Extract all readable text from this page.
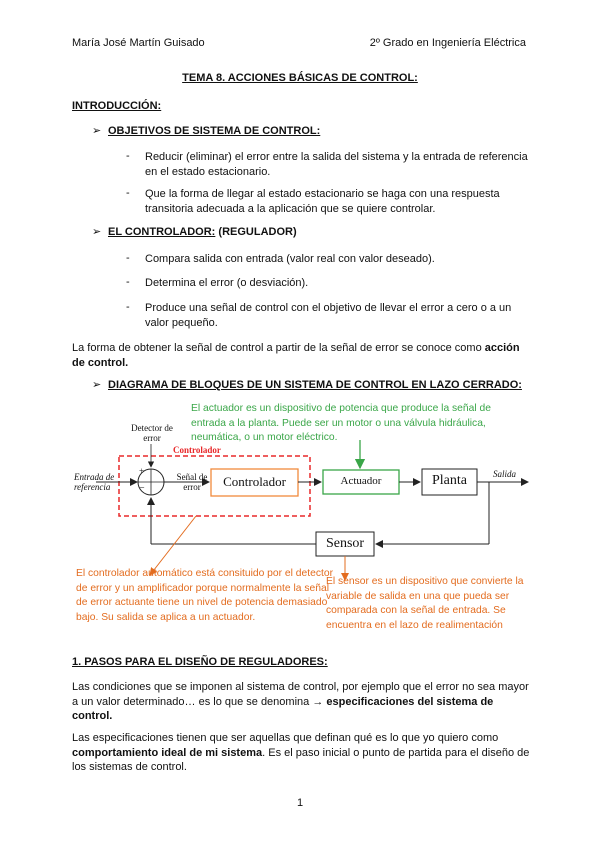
María José Martín Guisado	2º Grado en Ingeniería Eléctrica
TEMA 8. ACCIONES BÁSICAS DE CONTROL:
INTRODUCCIÓN:
➢ OBJETIVOS DE SISTEMA DE CONTROL:
- Reducir (eliminar) el error entre la salida del sistema y la entrada de referencia en el estado estacionario.
- Que la forma de llegar al estado estacionario se haga con una respuesta transitoria adecuada a la aplicación que se quiere controlar.
➢ EL CONTROLADOR: (REGULADOR)
- Compara salida con entrada (valor real con valor deseado).
- Determina el error (o desviación).
- Produce una señal de control con el objetivo de llevar el error a cero o a un valor pequeño.
La forma de obtener la señal de control a partir de la señal de error se conoce como acción de control.
➢ DIAGRAMA DE BLOQUES DE UN SISTEMA DE CONTROL EN LAZO CERRADO:
Detector de error
Controlador
Entrada de referencia
Señal de error	Controlador	Actuador	Planta	Salida
Sensor
+
−
El actuador es un dispositivo de potencia que produce la señal de entrada a la planta. Puede ser un motor o una válvula hidráulica, neumática, o un motor eléctrico.
El controlador automático está consituido por el detector de error y un amplificador porque normalmente la señal de error actuante tiene un nivel de potencia demasiado bajo. Su salida se aplica a un actuador.
El sensor es un dispositivo que convierte la variable de salida en una que pueda ser comparada con la señal de entrada. Se encuentra en el lazo de realimentación
1. PASOS PARA EL DISEÑO DE REGULADORES:
Las condiciones que se imponen al sistema de control, por ejemplo que el error no sea mayor a un valor determinado… es lo que se denomina → especificaciones del sistema de control.
Las especificaciones tienen que ser aquellas que definan qué es lo que yo quiero como comportamiento ideal de mi sistema. Es el paso inicial o punto de partida para el diseño de los sistemas de control.
1
